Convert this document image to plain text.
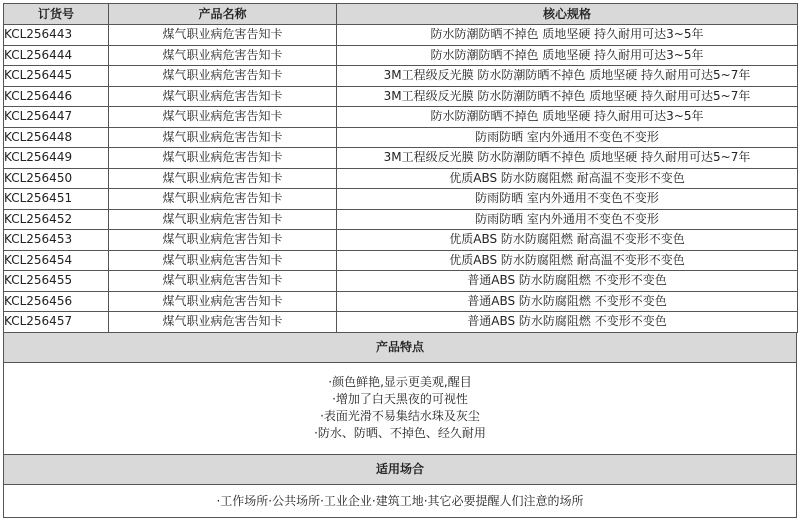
订货号	产品名称	核心规格
KCL256443	煤气职业病危害告知卡	防水防潮防晒不掉色 质地坚硬 持久耐用可达3~5年
KCL256444	煤气职业病危害告知卡	防水防潮防晒不掉色 质地坚硬 持久耐用可达3~5年
KCL256445	煤气职业病危害告知卡	3M工程级反光膜 防水防潮防晒不掉色 质地坚硬 持久耐用可达5~7年
KCL256446	煤气职业病危害告知卡	3M工程级反光膜 防水防潮防晒不掉色 质地坚硬 持久耐用可达5~7年
KCL256447	煤气职业病危害告知卡	防水防潮防晒不掉色 质地坚硬 持久耐用可达3~5年
KCL256448	煤气职业病危害告知卡	防雨防晒 室内外通用不变色不变形
KCL256449	煤气职业病危害告知卡	3M工程级反光膜 防水防潮防晒不掉色 质地坚硬 持久耐用可达5~7年
KCL256450	煤气职业病危害告知卡	优质ABS 防水防腐阻燃 耐高温不变形不变色
KCL256451	煤气职业病危害告知卡	防雨防晒 室内外通用不变色不变形
KCL256452	煤气职业病危害告知卡	防雨防晒 室内外通用不变色不变形
KCL256453	煤气职业病危害告知卡	优质ABS 防水防腐阻燃 耐高温不变形不变色
KCL256454	煤气职业病危害告知卡	优质ABS 防水防腐阻燃 耐高温不变形不变色
KCL256455	煤气职业病危害告知卡	普通ABS 防水防腐阻燃 不变形不变色
KCL256456	煤气职业病危害告知卡	普通ABS 防水防腐阻燃 不变形不变色
KCL256457	煤气职业病危害告知卡	普通ABS 防水防腐阻燃 不变形不变色
产品特点
·颜色鲜艳,显示更美观,醒目
·增加了白天黑夜的可视性
·表面光滑不易集结水珠及灰尘
·防水、防晒、不掉色、经久耐用
适用场合
·工作场所·公共场所·工业企业·建筑工地·其它必要提醒人们注意的场所
